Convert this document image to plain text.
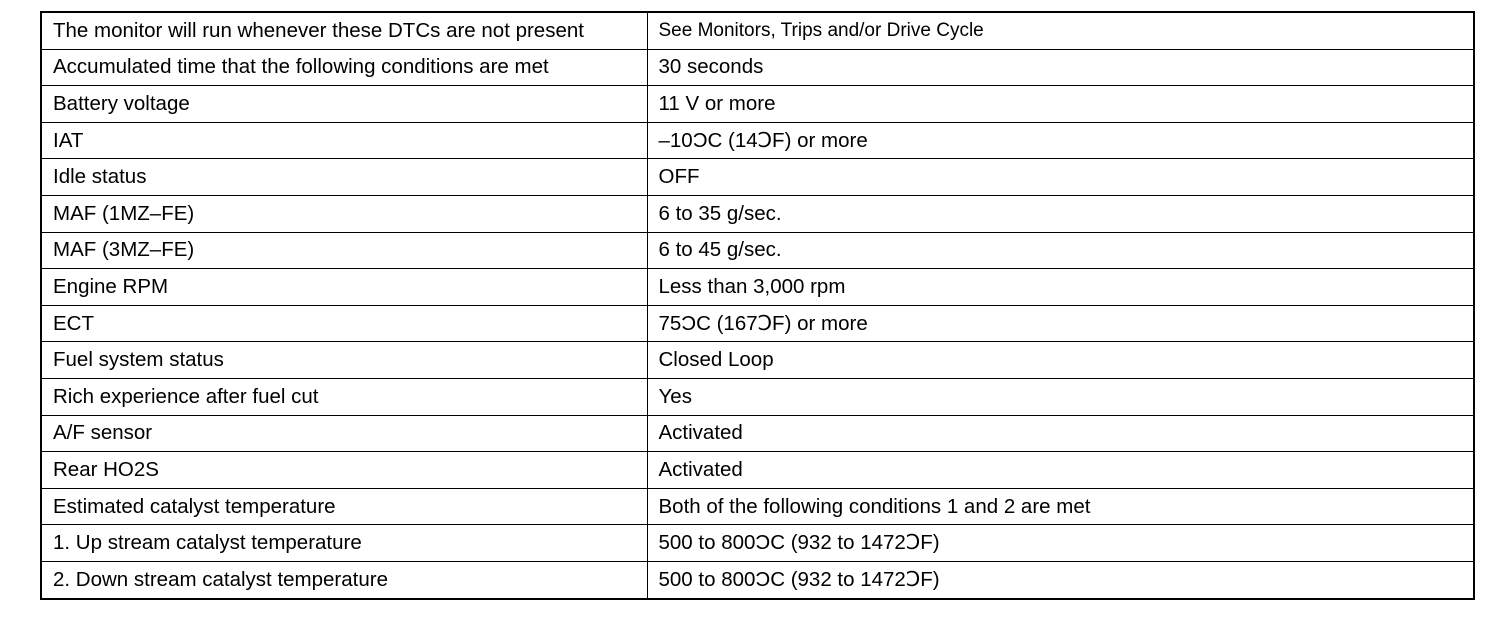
The monitor will run whenever these DTCs are not present	See Monitors, Trips and/or Drive Cycle
Accumulated time that the following conditions are met	30 seconds
Battery voltage	11 V or more
IAT	–10ƆC (14ↃF) or more
Idle status	OFF
MAF (1MZ–FE)	6 to 35 g/sec.
MAF (3MZ–FE)	6 to 45 g/sec.
Engine RPM	Less than 3,000 rpm
ECT	75ƆC (167ↃF) or more
Fuel system status	Closed Loop
Rich experience after fuel cut	Yes
A/F sensor	Activated
Rear HO2S	Activated
Estimated catalyst temperature	Both of the following conditions 1 and 2 are met
1. Up stream catalyst temperature	500 to 800ƆC (932 to 1472ↃF)
2. Down stream catalyst temperature	500 to 800ƆC (932 to 1472ↃF)
